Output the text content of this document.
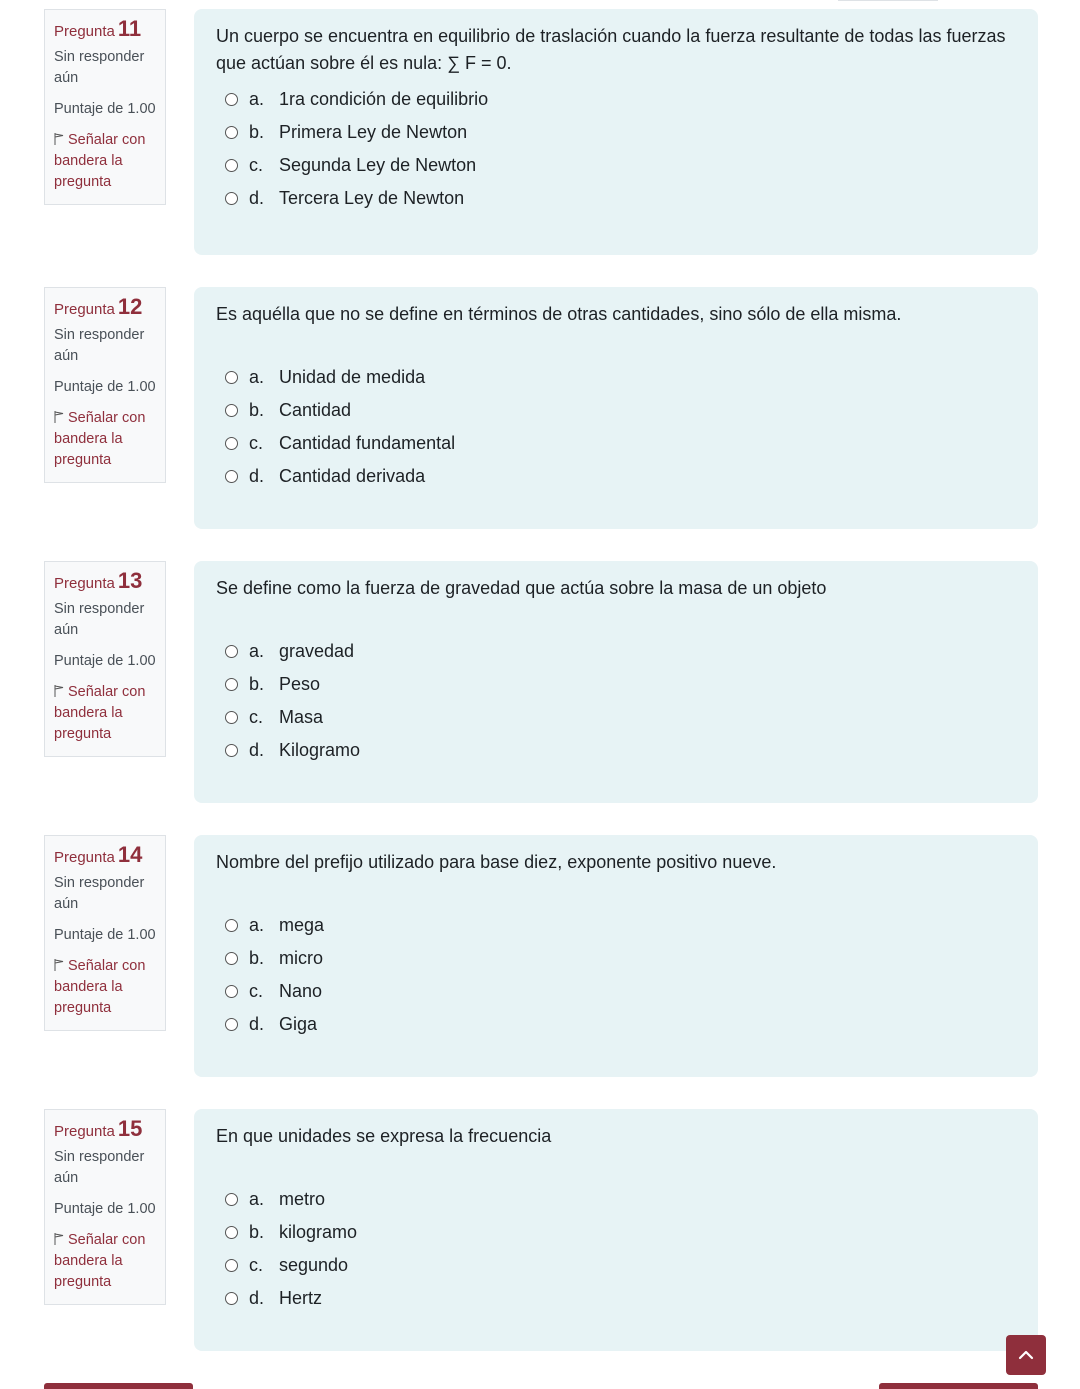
Pregunta 11
Sin responder aún
Puntaje de 1.00
Señalar con bandera la pregunta

Un cuerpo se encuentra en equilibrio de traslación cuando la fuerza resultante de todas las fuerzas que actúan sobre él es nula: ∑ F = 0.

a. 1ra condición de equilibrio
b. Primera Ley de Newton
c. Segunda Ley de Newton
d. Tercera Ley de Newton
Pregunta 12
Sin responder aún
Puntaje de 1.00
Señalar con bandera la pregunta

Es aquélla que no se define en términos de otras cantidades, sino sólo de ella misma.

a. Unidad de medida
b. Cantidad
c. Cantidad fundamental
d. Cantidad derivada
Pregunta 13
Sin responder aún
Puntaje de 1.00
Señalar con bandera la pregunta

Se define como la fuerza de gravedad que actúa sobre la masa de un objeto

a. gravedad
b. Peso
c. Masa
d. Kilogramo
Pregunta 14
Sin responder aún
Puntaje de 1.00
Señalar con bandera la pregunta

Nombre del prefijo utilizado para base diez, exponente positivo nueve.

a. mega
b. micro
c. Nano
d. Giga
Pregunta 15
Sin responder aún
Puntaje de 1.00
Señalar con bandera la pregunta

En que unidades se expresa la frecuencia

a. metro
b. kilogramo
c. segundo
d. Hertz
